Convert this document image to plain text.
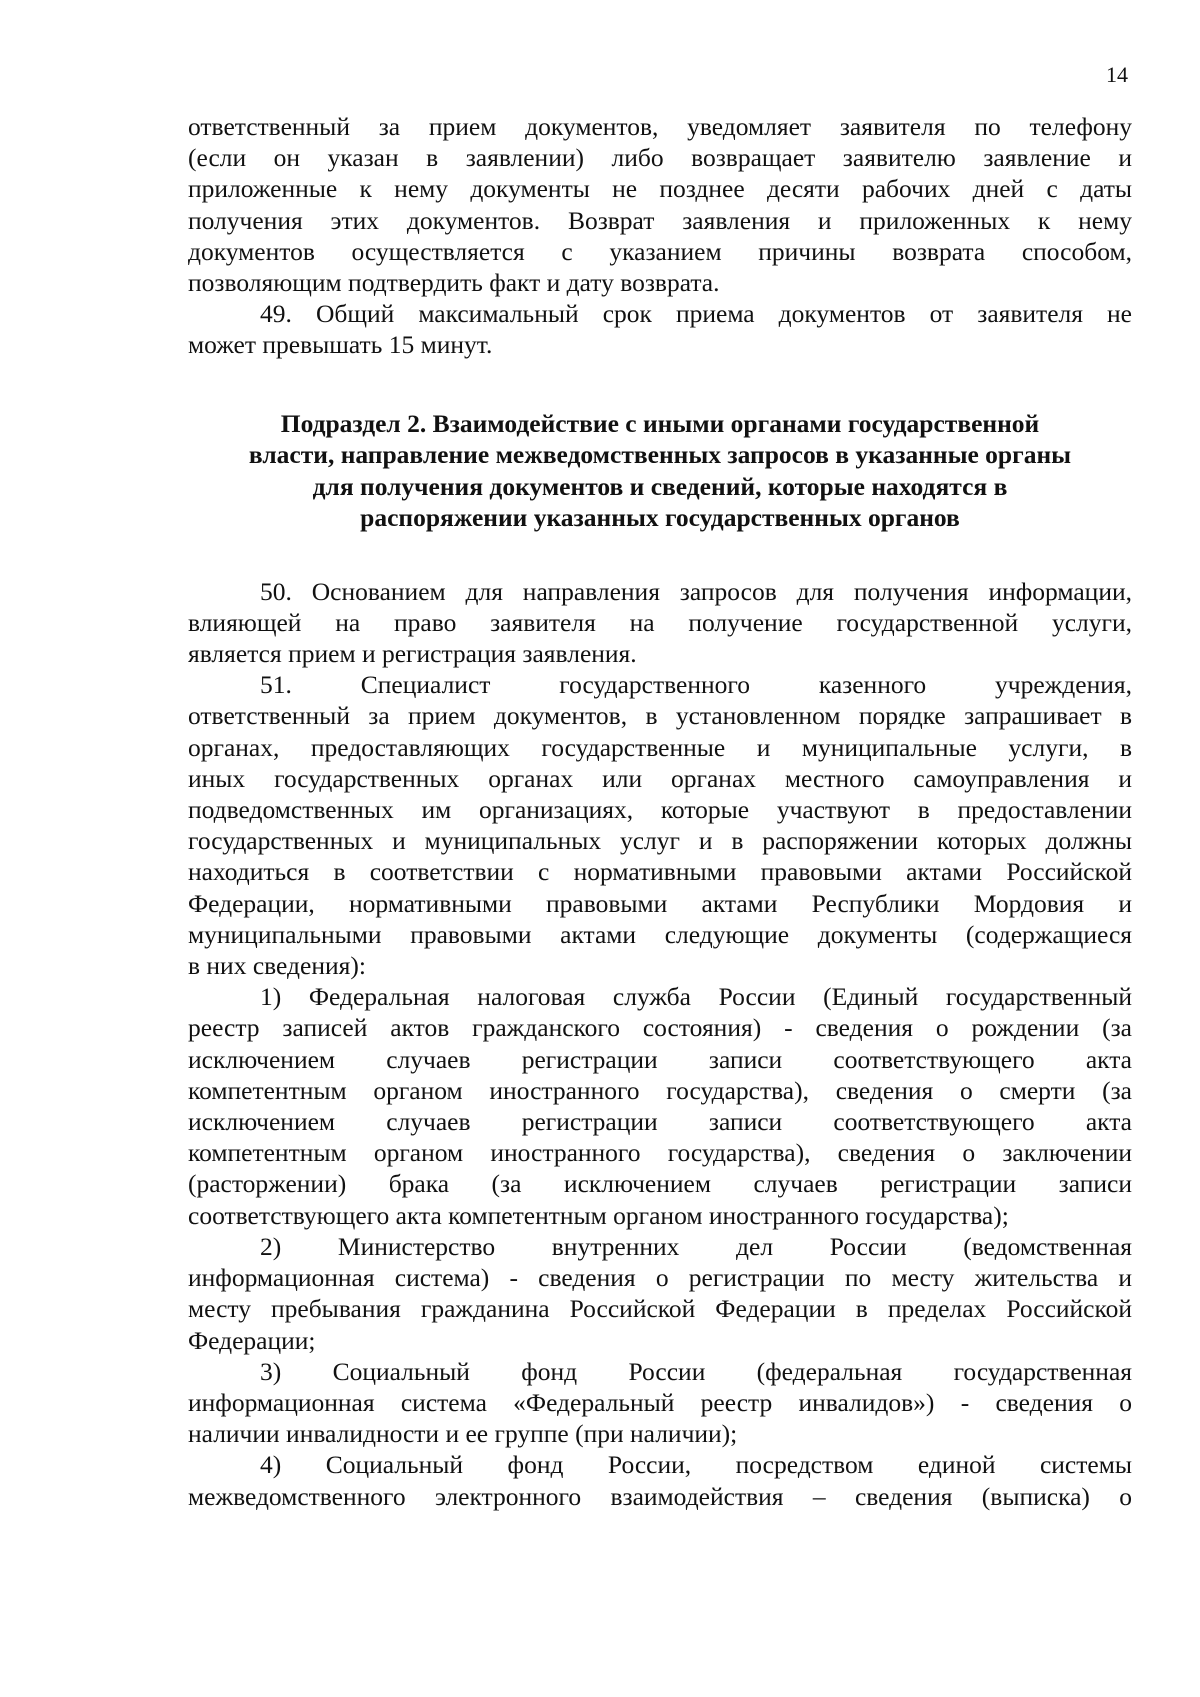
14
ответственный за прием документов, уведомляет заявителя по телефону
(если он указан в заявлении) либо возвращает заявителю заявление и
приложенные к нему документы не позднее десяти рабочих дней с даты
получения этих документов. Возврат заявления и приложенных к нему
документов осуществляется с указанием причины возврата способом,
позволяющим подтвердить факт и дату возврата.
49. Общий максимальный срок приема документов от заявителя не
может превышать 15 минут.
Подраздел 2. Взаимодействие с иными органами государственной
власти, направление межведомственных запросов в указанные органы
для получения документов и сведений, которые находятся в
распоряжении указанных государственных органов
50. Основанием для направления запросов для получения информации,
влияющей на право заявителя на получение государственной услуги,
является прием и регистрация заявления.
51. Специалист государственного казенного учреждения,
ответственный за прием документов, в установленном порядке запрашивает в
органах, предоставляющих государственные и муниципальные услуги, в
иных государственных органах или органах местного самоуправления и
подведомственных им организациях, которые участвуют в предоставлении
государственных и муниципальных услуг и в распоряжении которых должны
находиться в соответствии с нормативными правовыми актами Российской
Федерации, нормативными правовыми актами Республики Мордовия и
муниципальными правовыми актами следующие документы (содержащиеся
в них сведения):
1) Федеральная налоговая служба России (Единый государственный
реестр записей актов гражданского состояния) - сведения о рождении (за
исключением случаев регистрации записи соответствующего акта
компетентным органом иностранного государства), сведения о смерти (за
исключением случаев регистрации записи соответствующего акта
компетентным органом иностранного государства), сведения о заключении
(расторжении) брака (за исключением случаев регистрации записи
соответствующего акта компетентным органом иностранного государства);
2) Министерство внутренних дел России (ведомственная
информационная система) - сведения о регистрации по месту жительства и
месту пребывания гражданина Российской Федерации в пределах Российской
Федерации;
3) Социальный фонд России (федеральная государственная
информационная система «Федеральный реестр инвалидов») - сведения о
наличии инвалидности и ее группе (при наличии);
4) Социальный фонд России, посредством единой системы
межведомственного электронного взаимодействия – сведения (выписка) о
